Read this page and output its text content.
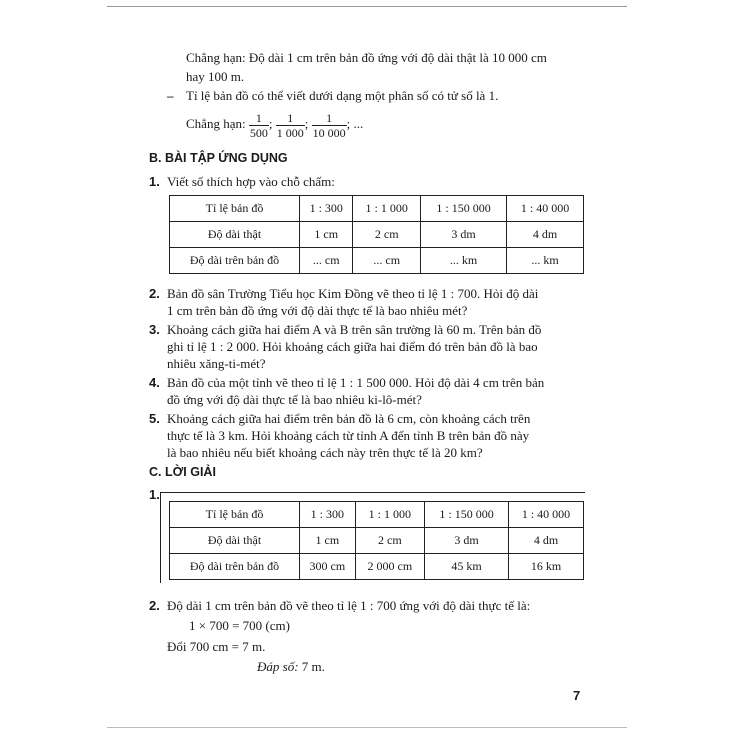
Chẳng hạn: Độ dài 1 cm trên bản đồ ứng với độ dài thật là 10 000 cm
hay 100 m.
– Tỉ lệ bản đồ có thể viết dưới dạng một phân số có tử số là 1.
Chẳng hạn: $\frac{1}{500}$ ; $\frac{1}{1 000}$ ; $\frac{1}{10 000}$ ; ...
B. BÀI TẬP ỨNG DỤNG
1. Viết số thích hợp vào chỗ chấm:
Tỉ lệ bản đồ	1 : 300	1 : 1 000	1 : 150 000	1 : 40 000
Độ dài thật	1 cm	2 cm	3 dm	4 dm
Độ dài trên bản đồ	... cm	... cm	... km	... km
2. Bản đồ sân Trường Tiểu học Kim Đồng vẽ theo tỉ lệ 1 : 700. Hỏi độ dài
1 cm trên bản đồ ứng với độ dài thực tế là bao nhiêu mét?
3. Khoảng cách giữa hai điểm A và B trên sân trường là 60 m. Trên bản đồ
ghi tỉ lệ 1 : 2 000. Hỏi khoảng cách giữa hai điểm đó trên bản đồ là bao
nhiêu xăng-ti-mét?
4. Bản đồ của một tỉnh vẽ theo tỉ lệ 1 : 1 500 000. Hỏi độ dài 4 cm trên bản
đồ ứng với độ dài thực tế là bao nhiêu ki-lô-mét?
5. Khoảng cách giữa hai điểm trên bản đồ là 6 cm, còn khoảng cách trên
thực tế là 3 km. Hỏi khoảng cách từ tỉnh A đến tỉnh B trên bản đồ này
là bao nhiêu nếu biết khoảng cách này trên thực tế là 20 km?
C. LỜI GIẢI
1.
Tỉ lệ bản đồ	1 : 300	1 : 1 000	1 : 150 000	1 : 40 000
Độ dài thật	1 cm	2 cm	3 dm	4 dm
Độ dài trên bản đồ	300 cm	2 000 cm	45 km	16 km
2. Độ dài 1 cm trên bản đồ vẽ theo tỉ lệ 1 : 700 ứng với độ dài thực tế là:
1 × 700 = 700 (cm)
Đổi 700 cm = 7 m.
Đáp số: 7 m.
7
